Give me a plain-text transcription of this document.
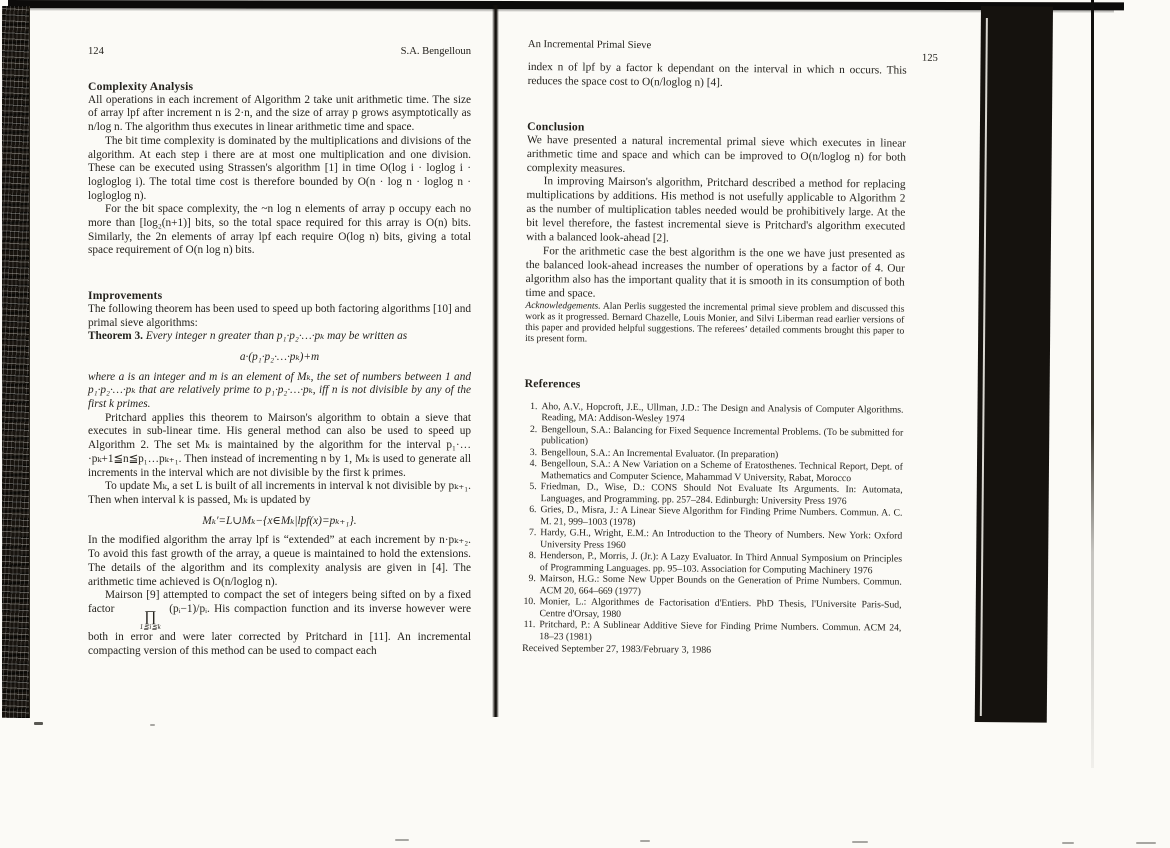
124	S.A. Bengelloun
Complexity Analysis

All operations in each increment of Algorithm 2 take unit arithmetic time. The size of array lpf after increment n is 2·n, and the size of array p grows asymptotically as n/log n. The algorithm thus executes in linear arithmetic time and space.

The bit time complexity is dominated by the multiplications and divisions of the algorithm. At each step i there are at most one multiplication and one division. These can be executed using Strassen's algorithm [1] in time O(log i · loglog i · logloglog i). The total time cost is therefore bounded by O(n · log n · loglog n · logloglog n).

For the bit space complexity, the ~n log n elements of array p occupy each no more than [log₂(n+1)] bits, so the total space required for this array is O(n) bits. Similarly, the 2n elements of array lpf each require O(log n) bits, giving a total space requirement of O(n log n) bits.

Improvements

The following theorem has been used to speed up both factoring algorithms [10] and primal sieve algorithms:

Theorem 3. Every integer n greater than p₁·p₂·…·pₖ may be written as

a·(p₁·p₂·…·pₖ)+m

where a is an integer and m is an element of Mₖ, the set of numbers between 1 and p₁·p₂·…·pₖ that are relatively prime to p₁·p₂·…·pₖ, iff n is not divisible by any of the first k primes.

Pritchard applies this theorem to Mairson's algorithm to obtain a sieve that executes in sub-linear time. His general method can also be used to speed up Algorithm 2. The set Mₖ is maintained by the algorithm for the interval p₁·…·pₖ+1≦n≦p₁…pₖ₊₁. Then instead of incrementing n by 1, Mₖ is used to generate all increments in the interval which are not divisible by the first k primes.

To update Mₖ, a set L is built of all increments in interval k not divisible by pₖ₊₁. Then when interval k is passed, Mₖ is updated by

Mₖ′=L∪Mₖ−{x∈Mₖ|lpf(x)=pₖ₊₁}.

In the modified algorithm the array lpf is “extended” at each increment by n·pₖ₊₂. To avoid this fast growth of the array, a queue is maintained to hold the extensions. The details of the algorithm and its complexity analysis are given in [4]. The arithmetic time achieved is O(n/loglog n).

Mairson [9] attempted to compact the set of integers being sifted on by a fixed factor	∏
1≦i≦k
(pᵢ−1)/pᵢ. His compaction function and its inverse however were both in error and were later corrected by Pritchard in [11]. An incremental compacting version of this method can be used to compact each

An Incremental Primal Sieve
125

index n of lpf by a factor k dependant on the interval in which n occurs. This reduces the space cost to O(n/loglog n) [4].

Conclusion

We have presented a natural incremental primal sieve which executes in linear arithmetic time and space and which can be improved to O(n/loglog n) for both complexity measures.

In improving Mairson's algorithm, Pritchard described a method for replacing multiplications by additions. His method is not usefully applicable to Algorithm 2 as the number of multiplication tables needed would be prohibitively large. At the bit level therefore, the fastest incremental sieve is Pritchard's algorithm executed with a balanced look-ahead [2].

For the arithmetic case the best algorithm is the one we have just presented as the balanced look-ahead increases the number of operations by a factor of 4. Our algorithm also has the important quality that it is smooth in its consumption of both time and space.

Acknowledgements. Alan Perlis suggested the incremental primal sieve problem and discussed this work as it progressed. Bernard Chazelle, Louis Monier, and Silvi Liberman read earlier versions of this paper and provided helpful suggestions. The referees’ detailed comments brought this paper to its present form.

References
1. Aho, A.V., Hopcroft, J.E., Ullman, J.D.: The Design and Analysis of Computer Algorithms. Reading, MA: Addison-Wesley 1974
2. Bengelloun, S.A.: Balancing for Fixed Sequence Incremental Problems. (To be submitted for publication)
3. Bengelloun, S.A.: An Incremental Evaluator. (In preparation)
4. Bengelloun, S.A.: A New Variation on a Scheme of Eratosthenes. Technical Report, Dept. of Mathematics and Computer Science, Mahammad V University, Rabat, Morocco
5. Friedman, D., Wise, D.: CONS Should Not Evaluate Its Arguments. In: Automata, Languages, and Programming. pp. 257–284. Edinburgh: University Press 1976
6. Gries, D., Misra, J.: A Linear Sieve Algorithm for Finding Prime Numbers. Commun. A. C. M. 21, 999–1003 (1978)
7. Hardy, G.H., Wright, E.M.: An Introduction to the Theory of Numbers. New York: Oxford University Press 1960
8. Henderson, P., Morris, J. (Jr.): A Lazy Evaluator. In Third Annual Symposium on Principles of Programming Languages. pp. 95–103. Association for Computing Machinery 1976
9. Mairson, H.G.: Some New Upper Bounds on the Generation of Prime Numbers. Commun. ACM 20, 664–669 (1977)
10. Monier, L.: Algorithmes de Factorisation d'Entiers. PhD Thesis, l'Universite Paris-Sud, Centre d'Orsay, 1980
11. Pritchard, P.: A Sublinear Additive Sieve for Finding Prime Numbers. Commun. ACM 24, 18–23 (1981)

Received September 27, 1983/February 3, 1986
